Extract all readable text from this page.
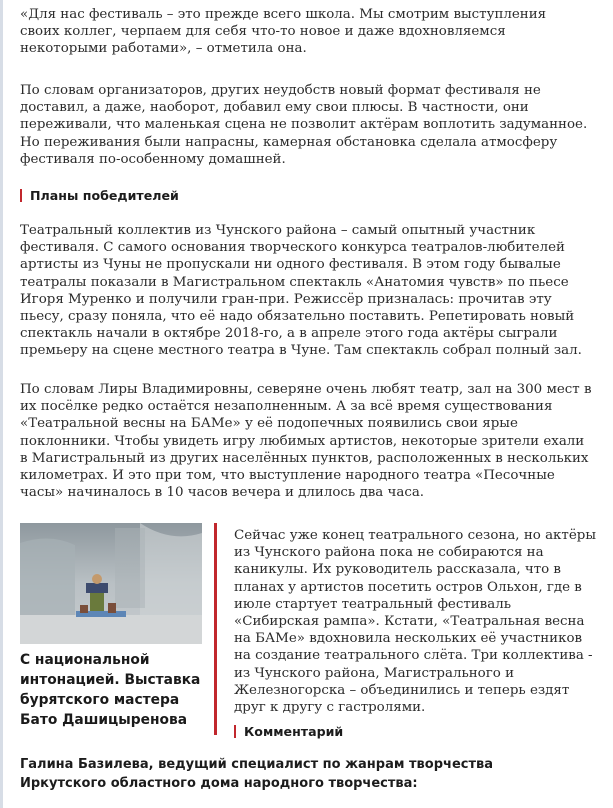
«Для нас фестиваль – это прежде всего школа. Мы смотрим выступления своих коллег, черпаем для себя что-то новое и даже вдохновляемся некоторыми работами», – отметила она.

По словам организаторов, других неудобств новый формат фестиваля не доставил, а даже, наоборот, добавил ему свои плюсы. В частности, они переживали, что маленькая сцена не позволит актёрам воплотить задуманное. Но переживания были напрасны, камерная обстановка сделала атмосферу фестиваля по-особенному домашней.

Планы победителей

Театральный коллектив из Чунского района – самый опытный участник фестиваля. С самого основания творческого конкурса театралов-любителей артисты из Чуны не пропускали ни одного фестиваля. В этом году бывалые театралы показали в Магистральном спектакль «Анатомия чувств» по пьесе Игоря Муренко и получили гран-при. Режиссёр призналась: прочитав эту пьесу, сразу поняла, что её надо обязательно поставить. Репетировать новый спектакль начали в октябре 2018-го, а в апреле этого года актёры сыграли премьеру на сцене местного театра в Чуне. Там спектакль собрал полный зал.

По словам Лиры Владимировны, северяне очень любят театр, зал на 300 мест в их посёлке редко остаётся незаполненным. А за всё время существования «Театральной весны на БАМе» у её подопечных появились свои ярые поклонники. Чтобы увидеть игру любимых артистов, некоторые зрители ехали в Магистральный из других населённых пунктов, расположенных в нескольких километрах. И это при том, что выступление народного театра «Песочные часы» начиналось в 10 часов вечера и длилось два часа.

С национальной интонацией. Выставка бурятского мастера Бато Дашицыренова

Сейчас уже конец театрального сезона, но актёры из Чунского района пока не собираются на каникулы. Их руководитель рассказала, что в планах у артистов посетить остров Ольхон, где в июле стартует театральный фестиваль «Сибирская рампа». Кстати, «Театральная весна на БАМе» вдохновила нескольких её участников на создание театрального слёта. Три коллектива - из Чунского района, Магистрального и Железногорска – объединились и теперь ездят друг к другу с гастролями.

Комментарий

Галина Базилева, ведущий специалист по жанрам творчества Иркутского областного дома народного творчества:
